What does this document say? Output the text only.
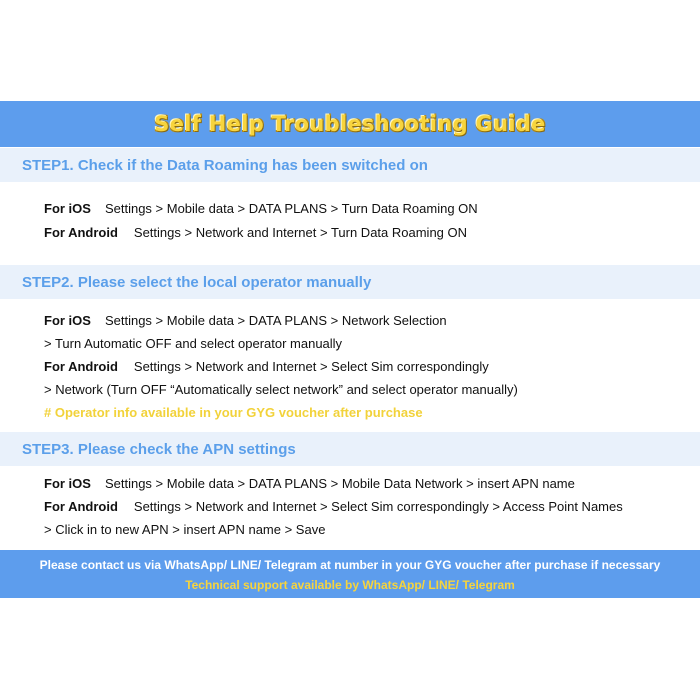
Self Help Troubleshooting Guide
STEP1. Check if the Data Roaming has been switched on
For iOS Settings > Mobile data > DATA PLANS > Turn Data Roaming ON
For Android Settings > Network and Internet > Turn Data Roaming ON
STEP2. Please select the local operator manually
For iOS Settings > Mobile data > DATA PLANS > Network Selection
> Turn Automatic OFF and select operator manually
For Android Settings > Network and Internet > Select Sim correspondingly
> Network (Turn OFF “Automatically select network” and select operator manually)
# Operator info available in your GYG voucher after purchase
STEP3. Please check the APN settings
For iOS Settings > Mobile data > DATA PLANS > Mobile Data Network > insert APN name
For Android Settings > Network and Internet > Select Sim correspondingly > Access Point Names
> Click in to new APN > insert APN name > Save
Please contact us via WhatsApp/ LINE/ Telegram at number in your GYG voucher after purchase if necessary
Technical support available by WhatsApp/ LINE/ Telegram
